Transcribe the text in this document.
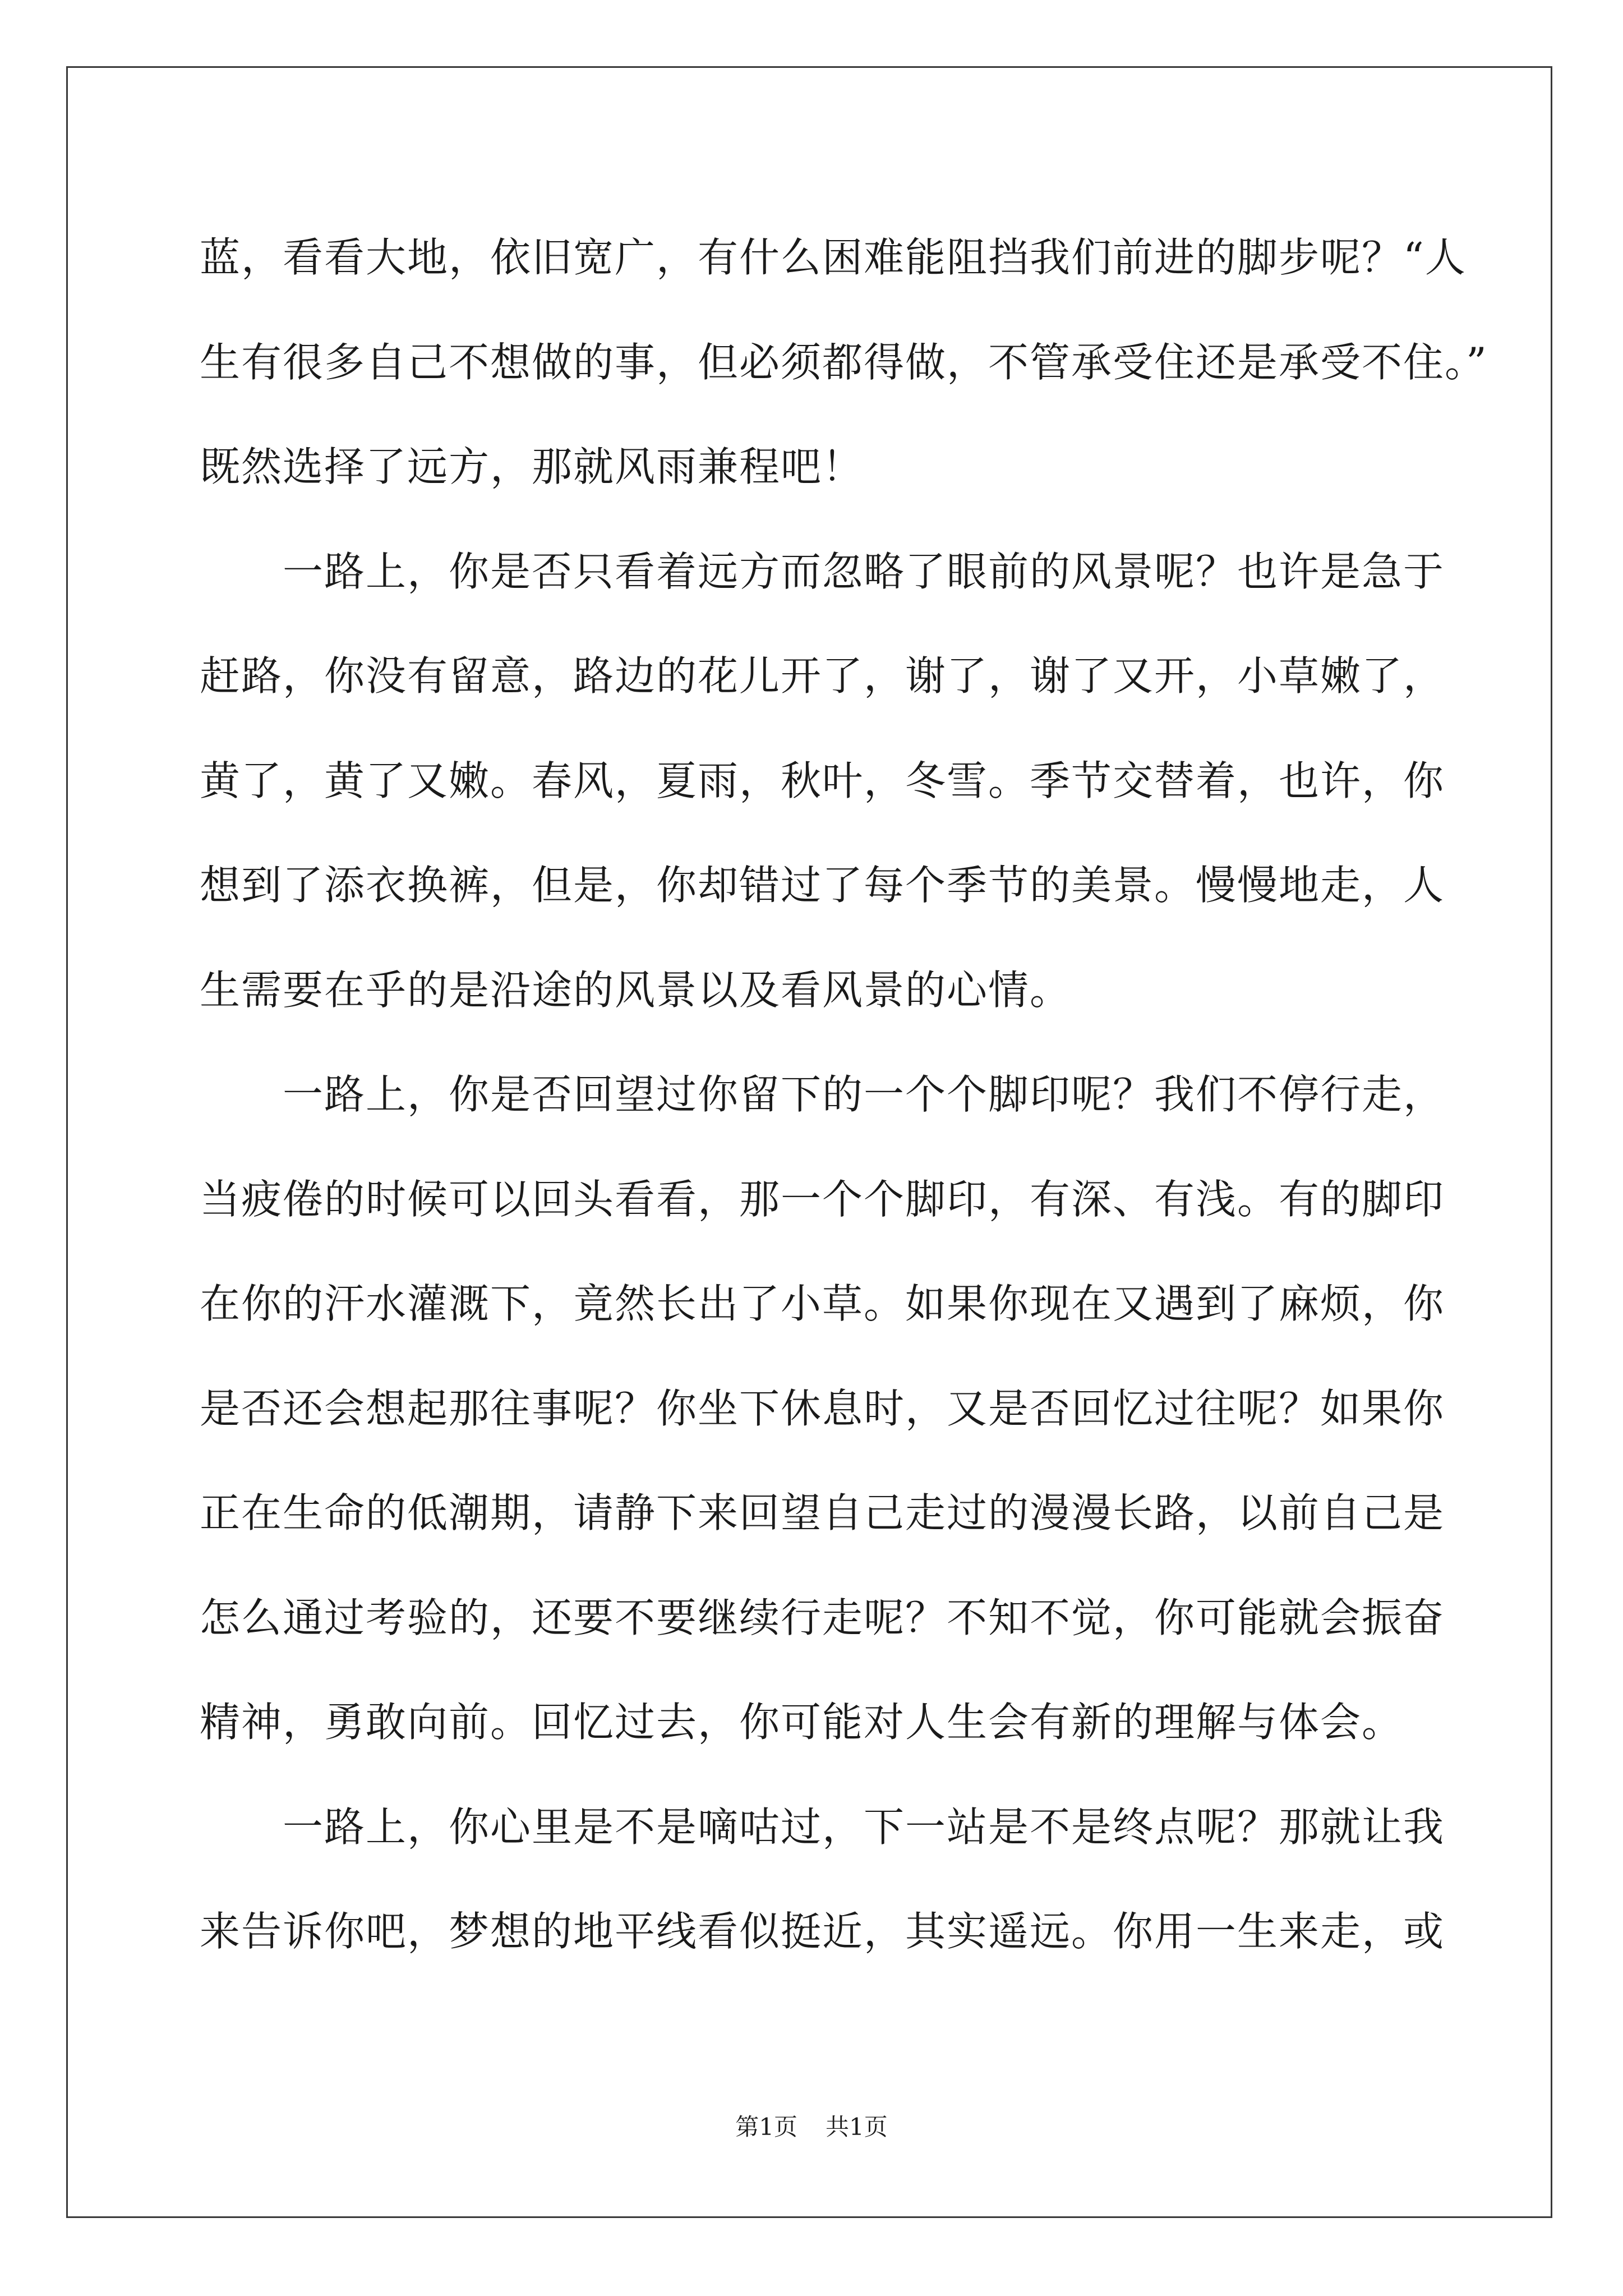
蓝，看看大地，依旧宽广，有什么困难能阻挡我们前进的脚步呢？“人
生有很多自己不想做的事，但必须都得做，不管承受住还是承受不住。”
既然选择了远方，那就风雨兼程吧！
　　一路上，你是否只看着远方而忽略了眼前的风景呢？也许是急于
赶路，你没有留意，路边的花儿开了，谢了，谢了又开，小草嫩了，
黄了，黄了又嫩。春风，夏雨，秋叶，冬雪。季节交替着，也许，你
想到了添衣换裤，但是，你却错过了每个季节的美景。慢慢地走，人
生需要在乎的是沿途的风景以及看风景的心情。
　　一路上，你是否回望过你留下的一个个脚印呢？我们不停行走，
当疲倦的时候可以回头看看，那一个个脚印，有深、有浅。有的脚印
在你的汗水灌溉下，竟然长出了小草。如果你现在又遇到了麻烦，你
是否还会想起那往事呢？你坐下休息时，又是否回忆过往呢？如果你
正在生命的低潮期，请静下来回望自己走过的漫漫长路，以前自己是
怎么通过考验的，还要不要继续行走呢？不知不觉，你可能就会振奋
精神，勇敢向前。回忆过去，你可能对人生会有新的理解与体会。
　　一路上，你心里是不是嘀咕过，下一站是不是终点呢？那就让我
来告诉你吧，梦想的地平线看似挺近，其实遥远。你用一生来走，或
第1页 共1页
